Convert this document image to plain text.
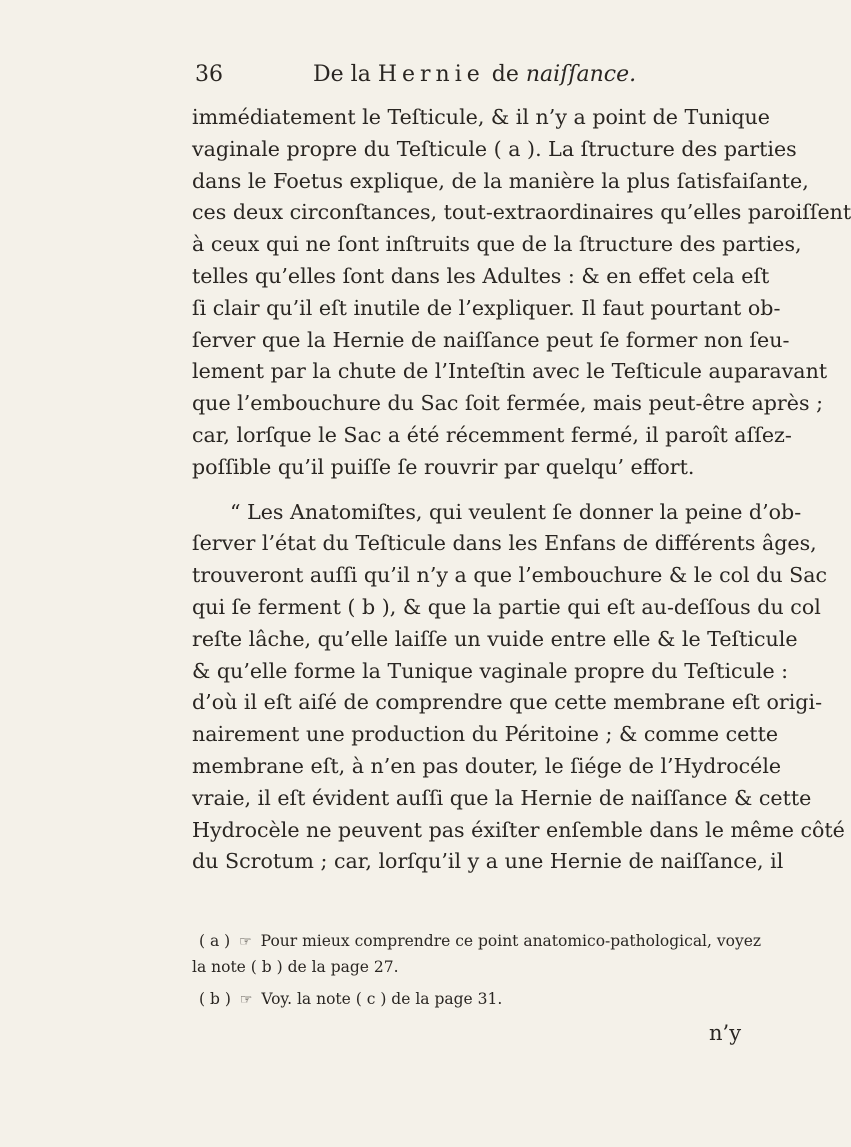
36	De la Hernie de naiſſance.
immédiatement le Teſticule, & il n’y a point de Tunique
vaginale propre du Teſticule ( a ). La ſtructure des parties
dans le Foetus explique, de la manière la plus ſatisfaiſante,
ces deux circonſtances, tout-extraordinaires qu’elles paroiſſent
à ceux qui ne ſont inſtruits que de la ſtructure des parties,
telles qu’elles ſont dans les Adultes : & en effet cela eſt
ſi clair qu’il eſt inutile de l’expliquer. Il faut pourtant ob-
ſerver que la Hernie de naiſſance peut ſe former non ſeu-
lement par la chute de l’Inteſtin avec le Teſticule auparavant
que l’embouchure du Sac ſoit fermée, mais peut-être après ;
car, lorſque le Sac a été récemment fermé, il paroît aſſez-
poſſible qu’il puiſſe ſe rouvrir par quelqu’ effort.
“ Les Anatomiſtes, qui veulent ſe donner la peine d’ob-
ſerver l’état du Teſticule dans les Enfans de différents âges,
trouveront auſſi qu’il n’y a que l’embouchure & le col du Sac
qui ſe ferment ( b ), & que la partie qui eſt au-deſſous du col
reſte lâche, qu’elle laiſſe un vuide entre elle & le Teſticule
& qu’elle forme la Tunique vaginale propre du Teſticule :
d’où il eſt aiſé de comprendre que cette membrane eſt origi-
nairement une production du Péritoine ; & comme cette
membrane eſt, à n’en pas douter, le ſiége de l’Hydrocéle
vraie, il eſt évident auſſi que la Hernie de naiſſance & cette
Hydrocèle ne peuvent pas éxiſter enſemble dans le même côté
du Scrotum ; car, lorſqu’il y a une Hernie de naiſſance, il
( a ) ☞ Pour mieux comprendre ce point anatomico-pathological, voyez
la note ( b ) de la page 27.
( b ) ☞ Voy. la note ( c ) de la page 31.
n’y
